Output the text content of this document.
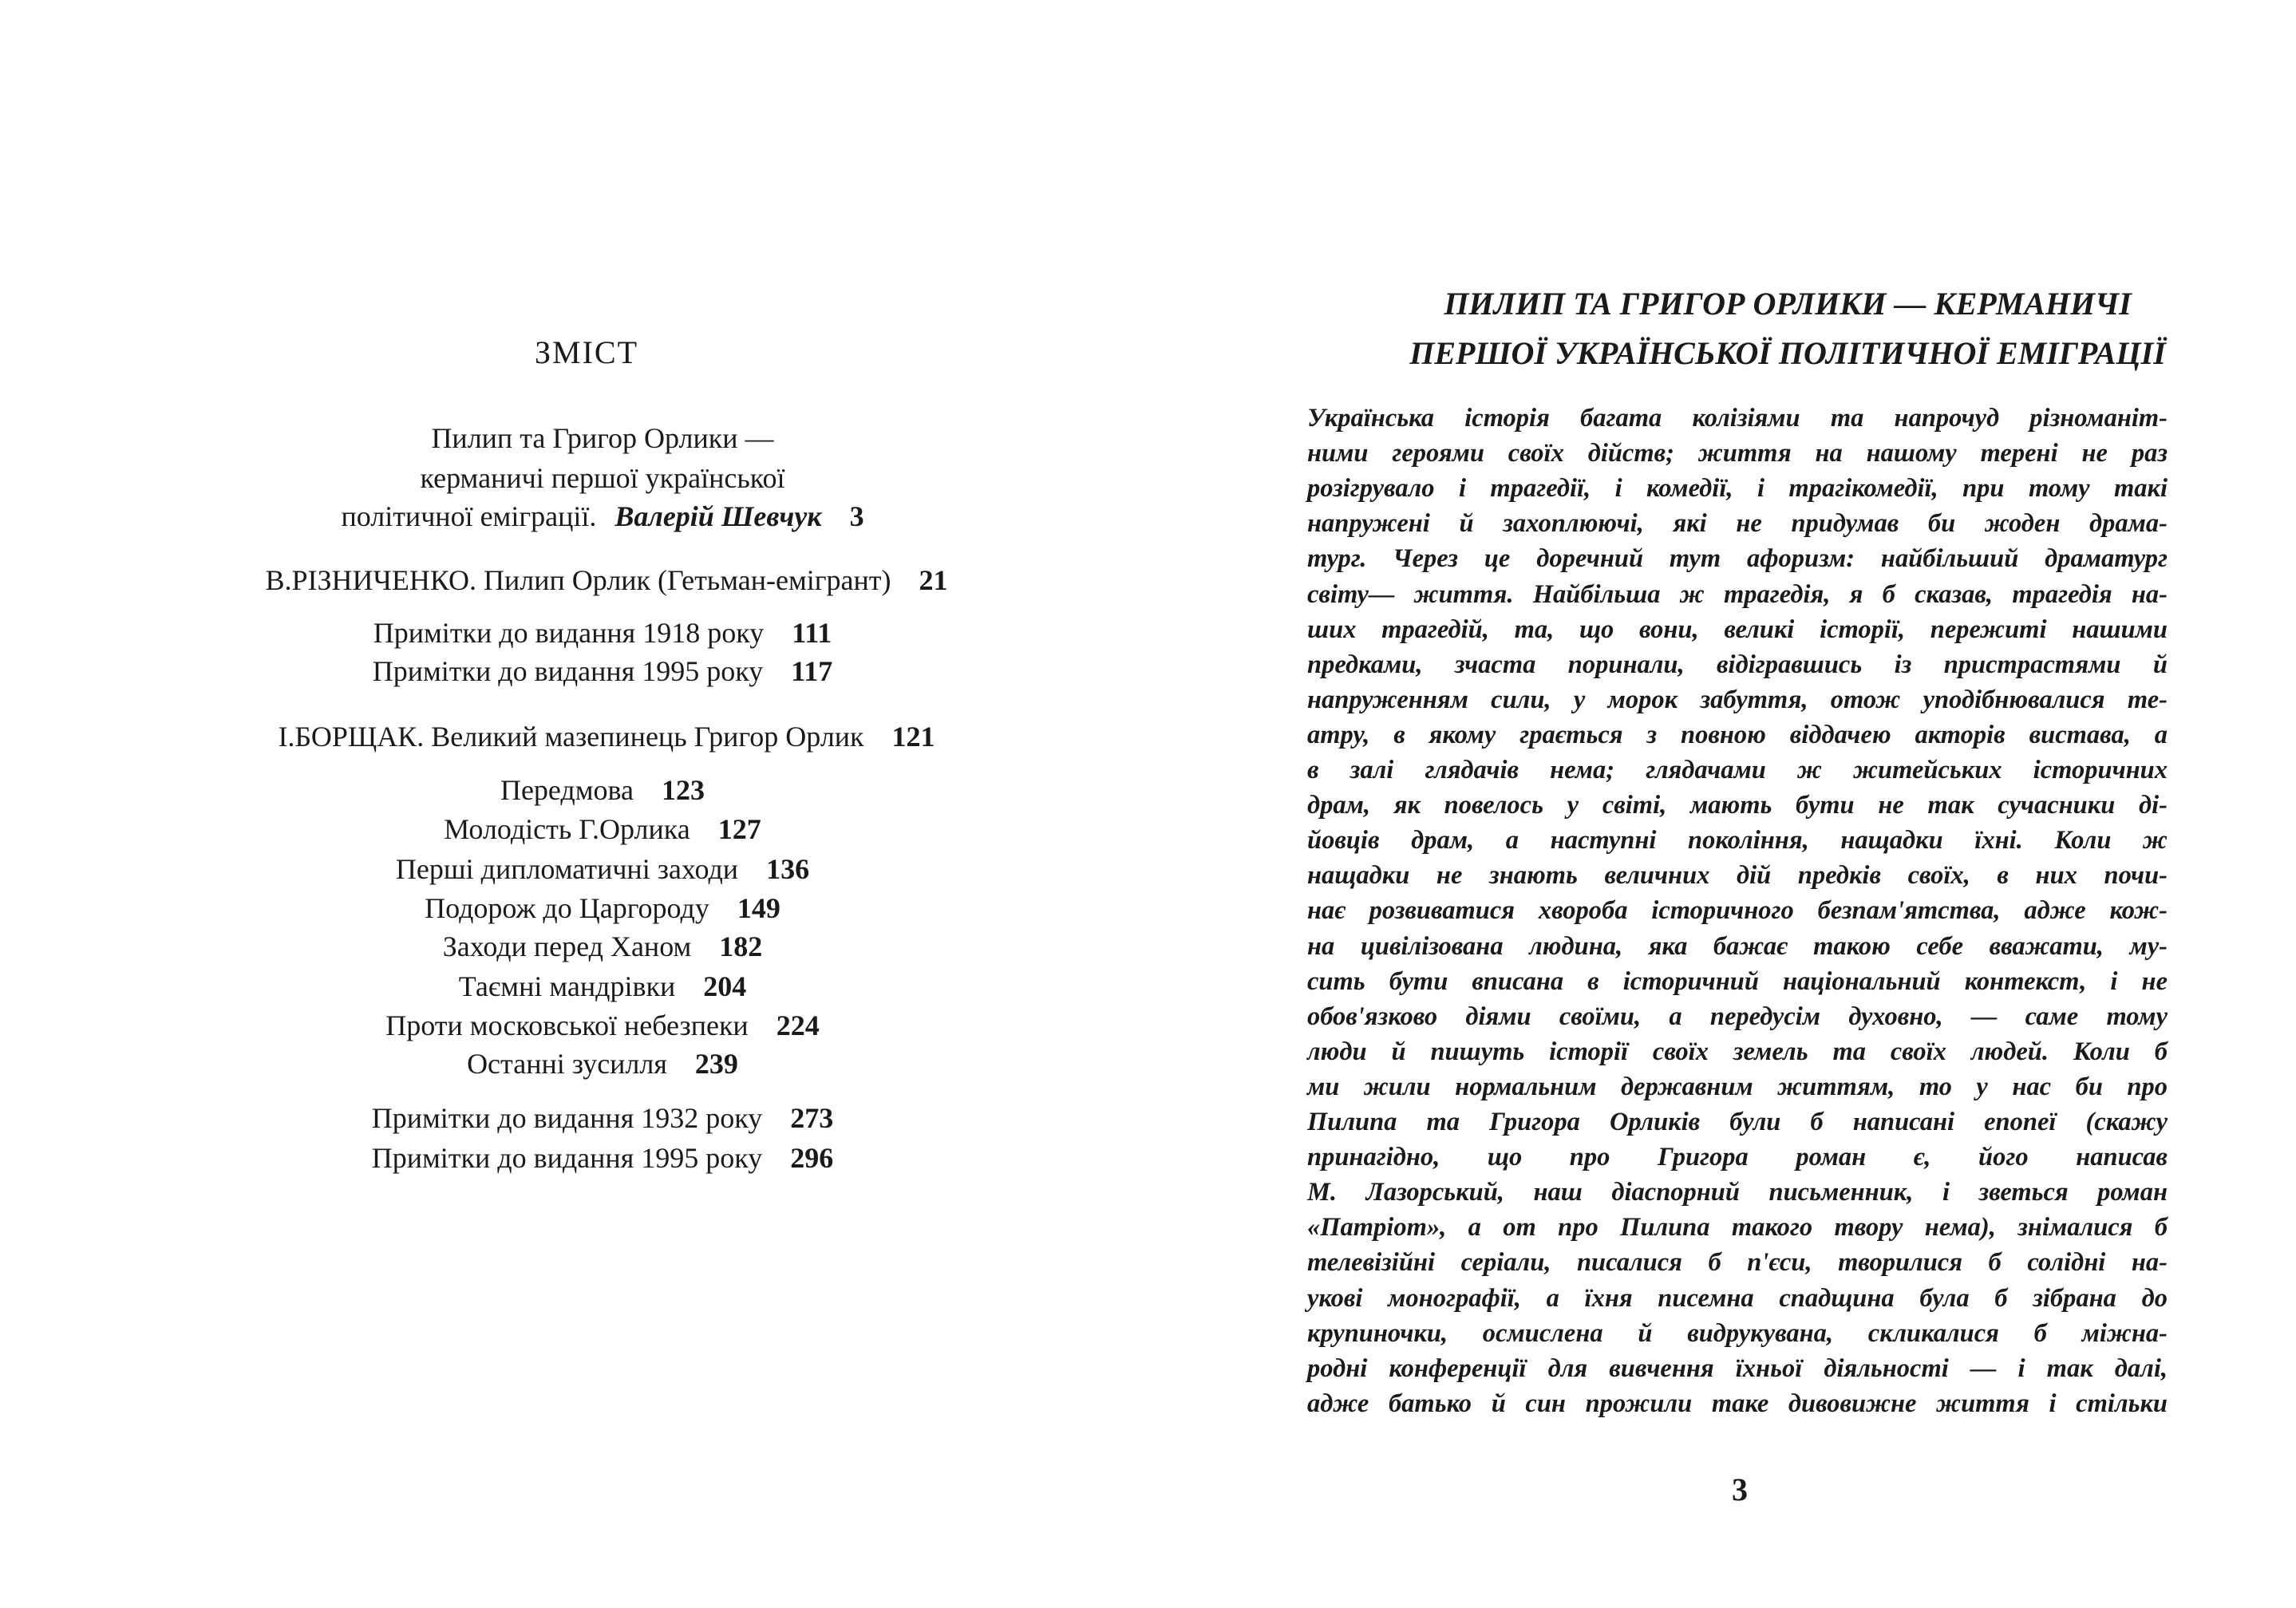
ЗМІСТ
Пилип та Григор Орлики —
керманичі першої української
політичної еміграції. Валерій Шевчук 3
В.РІЗНИЧЕНКО. Пилип Орлик (Гетьман-емігрант) 21
Примітки до видання 1918 року 111
Примітки до видання 1995 року 117
І.БОРЩАК. Великий мазепинець Григор Орлик 121
Передмова 123
Молодість Г.Орлика 127
Перші дипломатичні заходи 136
Подорож до Царгороду 149
Заходи перед Ханом 182
Таємні мандрівки 204
Проти московської небезпеки 224
Останні зусилля 239
Примітки до видання 1932 року 273
Примітки до видання 1995 року 296
ПИЛИП ТА ГРИГОР ОРЛИКИ — КЕРМАНИЧІ
ПЕРШОЇ УКРАЇНСЬКОЇ ПОЛІТИЧНОЇ ЕМІГРАЦІЇ
Українська історія багата колізіями та напрочуд різноманіт-
ними героями своїх дійств; життя на нашому терені не раз
розігрувало і трагедії, і комедії, і трагікомедії, при тому такі
напружені й захоплюючі, які не придумав би жоден драма-
тург. Через це доречний тут афоризм: найбільший драматург
світу— життя. Найбільша ж трагедія, я б сказав, трагедія на-
ших трагедій, та, що вони, великі історії, пережиті нашими
предками, зчаста поринали, відігравшись із пристрастями й
напруженням сили, у морок забуття, отож уподібнювалися те-
атру, в якому грається з повною віддачею акторів вистава, а
в залі глядачів нема; глядачами ж житейських історичних
драм, як повелось у світі, мають бути не так сучасники ді-
йовців драм, а наступні покоління, нащадки їхні. Коли ж
нащадки не знають величних дій предків своїх, в них почи-
нає розвиватися хвороба історичного безпам'ятства, адже кож-
на цивілізована людина, яка бажає такою себе вважати, му-
сить бути вписана в історичний національний контекст, і не
обов'язково діями своїми, а передусім духовно, — саме тому
люди й пишуть історії своїх земель та своїх людей. Коли б
ми жили нормальним державним життям, то у нас би про
Пилипа та Григора Орликів були б написані епопеї (скажу
принагідно, що про Григора роман є, його написав
М. Лазорський, наш діаспорний письменник, і зветься роман
«Патріот», а от про Пилипа такого твору нема), знімалися б
телевізійні серіали, писалися б п'єси, творилися б солідні на-
укові монографії, а їхня писемна спадщина була б зібрана до
крупиночки, осмислена й видрукувана, скликалися б міжна-
родні конференції для вивчення їхньої діяльності — і так далі,
адже батько й син прожили таке дивовижне життя і стільки
3
